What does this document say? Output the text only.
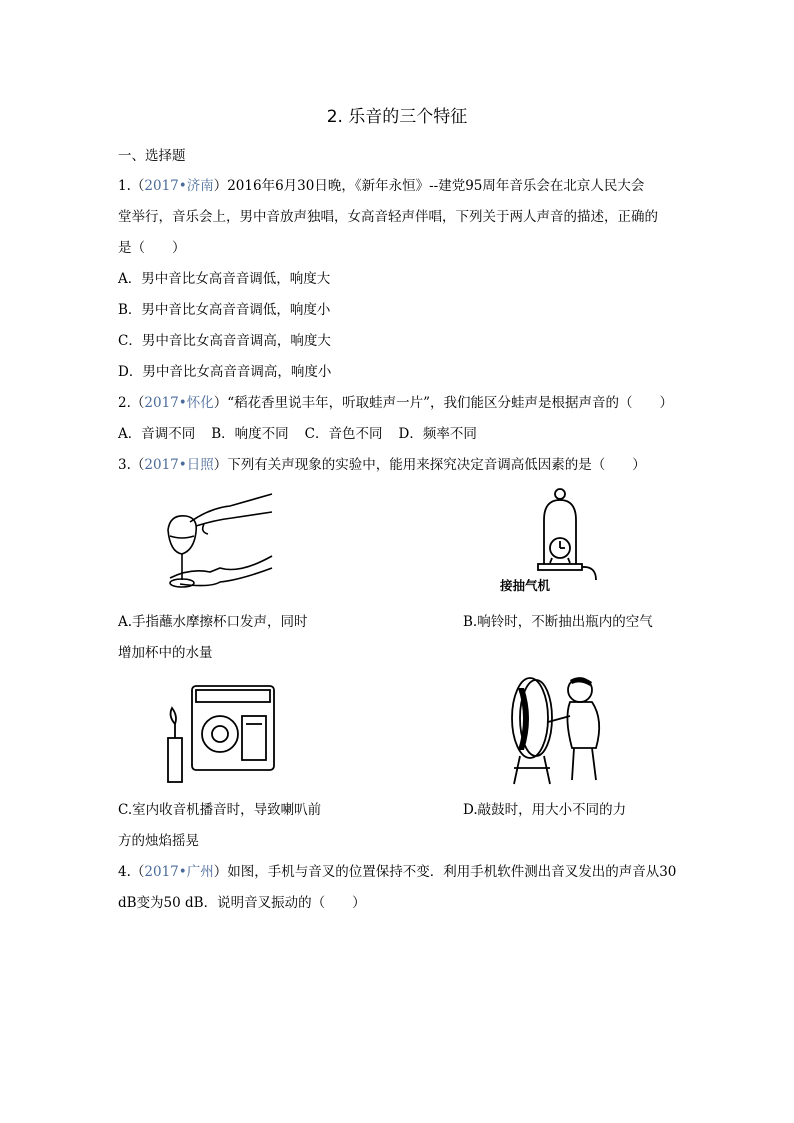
2. 乐音的三个特征
一、选择题
1.（2017•济南）2016年6月30日晚，《新年永恒》--建党95周年音乐会在北京人民大会
堂举行，音乐会上，男中音放声独唱，女高音轻声伴唱，下列关于两人声音的描述，正确的
是（　　）
A．男中音比女高音音调低，响度大
B．男中音比女高音音调低，响度小
C．男中音比女高音音调高，响度大
D．男中音比女高音音调高，响度小
2.（2017•怀化）“稻花香里说丰年，听取蛙声一片”，我们能区分蛙声是根据声音的（　　）
A．音调不同 B．响度不同 C．音色不同 D．频率不同
3.（2017•日照）下列有关声现象的实验中，能用来探究决定音调高低因素的是（　　）
接抽气机
A.手指蘸水摩擦杯口发声，同时	B.响铃时，不断抽出瓶内的空气
增加杯中的水量
C.室内收音机播音时，导致喇叭前	D.敲鼓时，用大小不同的力
方的烛焰摇晃
4.（2017•广州）如图，手机与音叉的位置保持不变．利用手机软件测出音叉发出的声音从30
dB变为50 dB．说明音叉振动的（　　）
